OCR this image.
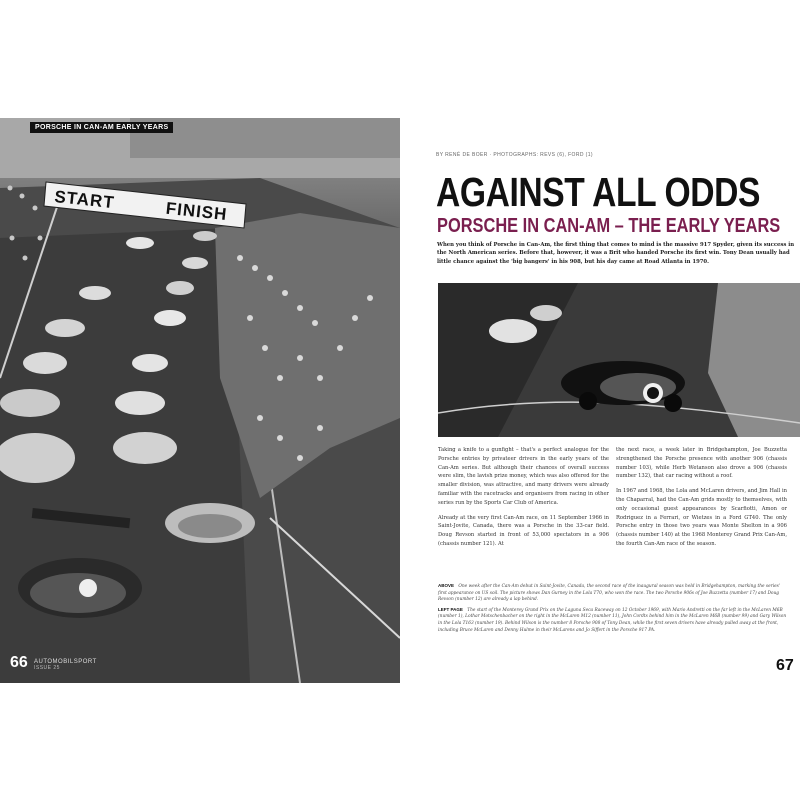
PORSCHE IN CAN-AM EARLY YEARS
START	FINISH
66 AUTOMOBILSPORT
ISSUE 25
BY RENÉ DE BOER · PHOTOGRAPHS: REVS (6), FORD (1)
AGAINST ALL ODDS
PORSCHE IN CAN-AM – THE EARLY YEARS
When you think of Porsche in Can-Am, the first thing that comes to mind is the massive 917 Spyder, given its success in the North American series. Before that, however, it was a Brit who handed Porsche its first win. Tony Dean usually had little chance against the 'big bangers' in his 908, but his day came at Road Atlanta in 1970.

Taking a knife to a gunfight – that's a perfect analogue for the Porsche entries by privateer drivers in the early years of the Can-Am series. But although their chances of overall success were slim, the lavish prize money, which was also offered for the smaller division, was attractive, and many drivers were already familiar with the racetracks and organisers from racing in other series run by the Sports Car Club of America.

Already at the very first Can-Am race, on 11 September 1966 in Saint-Jovite, Canada, there was a Porsche in the 33-car field. Doug Revson started in front of 53,000 spectators in a 906 (chassis number 121). At

the next race, a week later in Bridgehampton, Joe Buzzetta strengthened the Porsche presence with another 906 (chassis number 103), while Herb Wetanson also drove a 906 (chassis number 132), that car racing without a roof.

In 1967 and 1968, the Lola and McLaren drivers, and Jim Hall in the Chaparral, had the Can-Am grids mostly to themselves, with only occasional guest appearances by Scarfiotti, Amon or Rodriguez in a Ferrari, or Wietzes in a Ford GT40. The only Porsche entry in those two years was Monte Shelton in a 906 (chassis number 140) at the 1968 Monterey Grand Prix Can-Am, the fourth Can-Am race of the season.

ABOVE One week after the Can-Am debut in Saint-Jovite, Canada, the second race of the inaugural season was held in Bridgehampton, marking the series' first appearance on US soil. The picture shows Dan Gurney in the Lola T70, who won the race. The two Porsche 906s of Joe Buzzetta (number 17) and Doug Revson (number 12) are already a lap behind.

LEFT PAGE The start of the Monterey Grand Prix on the Laguna Seca Raceway on 12 October 1969, with Mario Andretti on the far left in the McLaren M6B (number 1), Lothar Motschenbacher on the right in the McLaren M12 (number 11), John Cordts behind him in the McLaren M6B (number 99) and Gary Wilson in the Lola T163 (number 19). Behind Wilson is the number 8 Porsche 908 of Tony Dean, while the first seven drivers have already pulled away at the front, including Bruce McLaren and Denny Hulme in their McLarens and Jo Siffert in the Porsche 917 PA.

67
